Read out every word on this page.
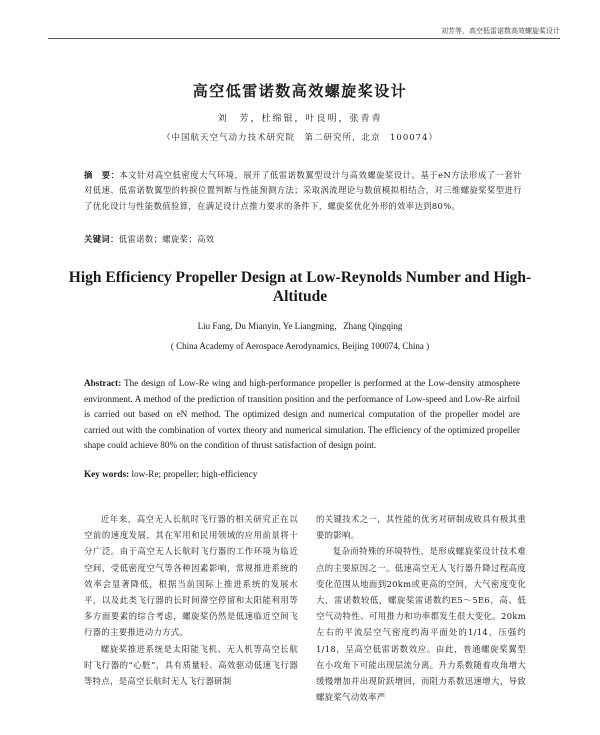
刘芳等，高空低雷诺数高效螺旋桨设计
高空低雷诺数高效螺旋桨设计
刘　芳，杜绵银，叶良明，张青青
（中国航天空气动力技术研究院　第二研究所，北京　100074）
摘　要：本文针对高空低密度大气环境，展开了低雷诺数翼型设计与高效螺旋桨设计。基于eN方法形成了一套针对低速、低雷诺数翼型的转捩位置判断与性能预测方法；采取涡流理论与数值模拟相结合，对三维螺旋桨桨型进行了优化设计与性能数值验算，在满足设计点推力要求的条件下，螺旋桨优化外形的效率达到80%。
关键词：低雷诺数；螺旋桨；高效
High Efficiency Propeller Design at Low-Reynolds Number and High-Altitude
Liu Fang, Du Mianyin, Ye Liangming，Zhang Qingqing
( China Academy of Aerospace Aerodynamics, Beijing 100074, China )
Abstract: The design of Low-Re wing and high-performance propeller is performed at the Low-density atmosphere environment. A method of the prediction of transition position and the performance of Low-speed and Low-Re airfoil is carried out based on eN method. The optimized design and numerical computation of the propeller model are carried out with the combination of vortex theory and numerical simulation. The efficiency of the optimized propeller shape could achieve 80% on the condition of thrust satisfaction of design point.
Key words: low-Re; propeller; high-efficiency

近年来，高空无人长航时飞行器的相关研究正在以空前的速度发展，其在军用和民用领域的应用前景将十分广泛。由于高空无人长航时飞行器的工作环境为临近空间，受低密度空气等各种因素影响，常规推进系统的效率会显著降低，根据当前国际上推进系统的发展水平，以及此类飞行器的长时间滞空停留和太阳能利用等多方面要素的综合考虑，螺旋桨仍然是低速临近空间飞行器的主要推进动力方式。

螺旋桨推进系统是太阳能飞机、无人机等高空长航时飞行器的“心脏”，具有质量轻、高效驱动低速飞行器等特点，是高空长航时无人飞行器研制

的关键技术之一，其性能的优劣对研制成败具有极其重要的影响。

复杂而特殊的环境特性，是形成螺旋桨设计技术难点的主要原因之一。低速高空无人飞行器升降过程高度变化范围从地面到20km或更高的空间，大气密度变化大，雷诺数较低，螺旋桨雷诺数约E5～5E6，高、低空气动特性、可用推力和功率都发生很大变化。20km左右的平流层空气密度约海平面处的1/14，压强约1/18，呈高空低雷诺数效应。由此，普通螺旋桨翼型在小攻角下可能出现层流分离。升力系数随着攻角增大缓慢增加并出现阶跃增回，而阻力系数迅速增大，导致螺旋桨气动效率严
